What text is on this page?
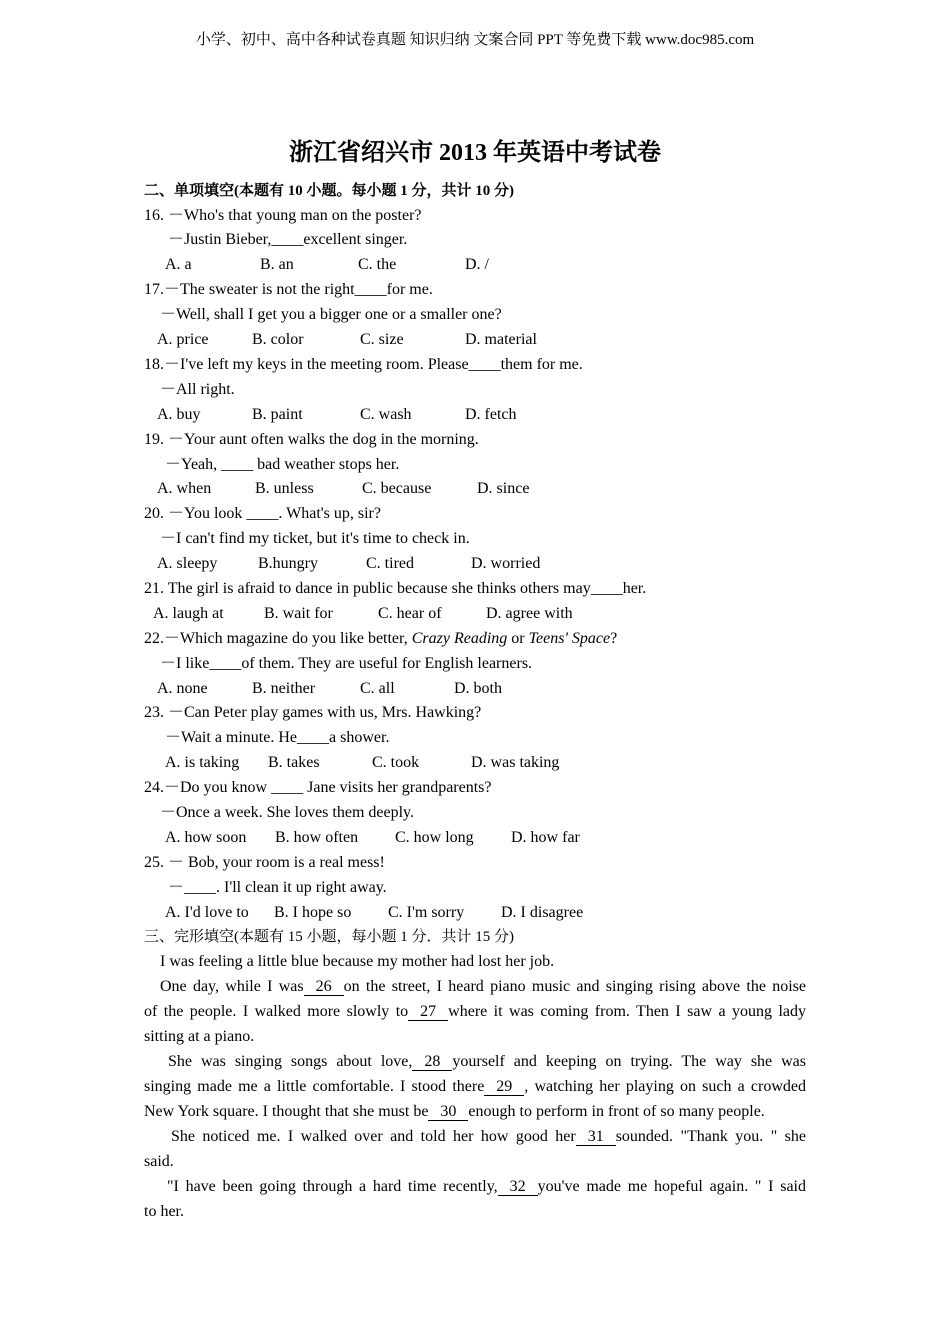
小学、初中、高中各种试卷真题 知识归纳 文案合同 PPT 等免费下载 www.doc985.com
浙江省绍兴市 2013 年英语中考试卷
二、单项填空(本题有 10 小题。每小题 1 分，共计 10 分)
16. －Who's that young man on the poster?
－Justin Bieber,____excellent singer.
A. a	B. an	C. the	D. /
17.－The sweater is not the right____for me.
－Well, shall I get you a bigger one or a smaller one?
A. price	B. color	C. size	D. material
18.－I've left my keys in the meeting room. Please____them for me.
－All right.
A. buy	B. paint	C. wash	D. fetch
19. －Your aunt often walks the dog in the morning.
－Yeah, ____ bad weather stops her.
A. when	B. unless	C. because	D. since
20. －You look ____. What's up, sir?
－I can't find my ticket, but it's time to check in.
A. sleepy	B.hungry	C. tired	D. worried
21. The girl is afraid to dance in public because she thinks others may____her.
A. laugh at	B. wait for	C. hear of	D. agree with
22.－Which magazine do you like better, Crazy Reading or Teens' Space?
－I like____of them. They are useful for English learners.
A. none	B. neither	C. all	D. both
23. －Can Peter play games with us, Mrs. Hawking?
－Wait a minute. He____a shower.
A. is taking B. takes	C. took	D. was taking
24.－Do you know ____ Jane visits her grandparents?
－Once a week. She loves them deeply.
A. how soon B. how often C. how long D. how far
25. － Bob, your room is a real mess!
－____. I'll clean it up right away.
A. I'd love to B. I hope so C. I'm sorry D. I disagree
三、完形填空(本题有 15 小题，每小题 1 分．共计 15 分)
I was feeling a little blue because my mother had lost her job.
One day, while I was 26 on the street, I heard piano music and singing rising above the noise
of the people. I walked more slowly to 27 where it was coming from. Then I saw a young lady
sitting at a piano.
She was singing songs about love, 28 yourself and keeping on trying. The way she was
singing made me a little comfortable. I stood there 29 , watching her playing on such a crowded
New York square. I thought that she must be 30 enough to perform in front of so many people.
She noticed me. I walked over and told her how good her 31 sounded. "Thank you. " she
said.
"I have been going through a hard time recently, 32 you've made me hopeful again. " I said
to her.
